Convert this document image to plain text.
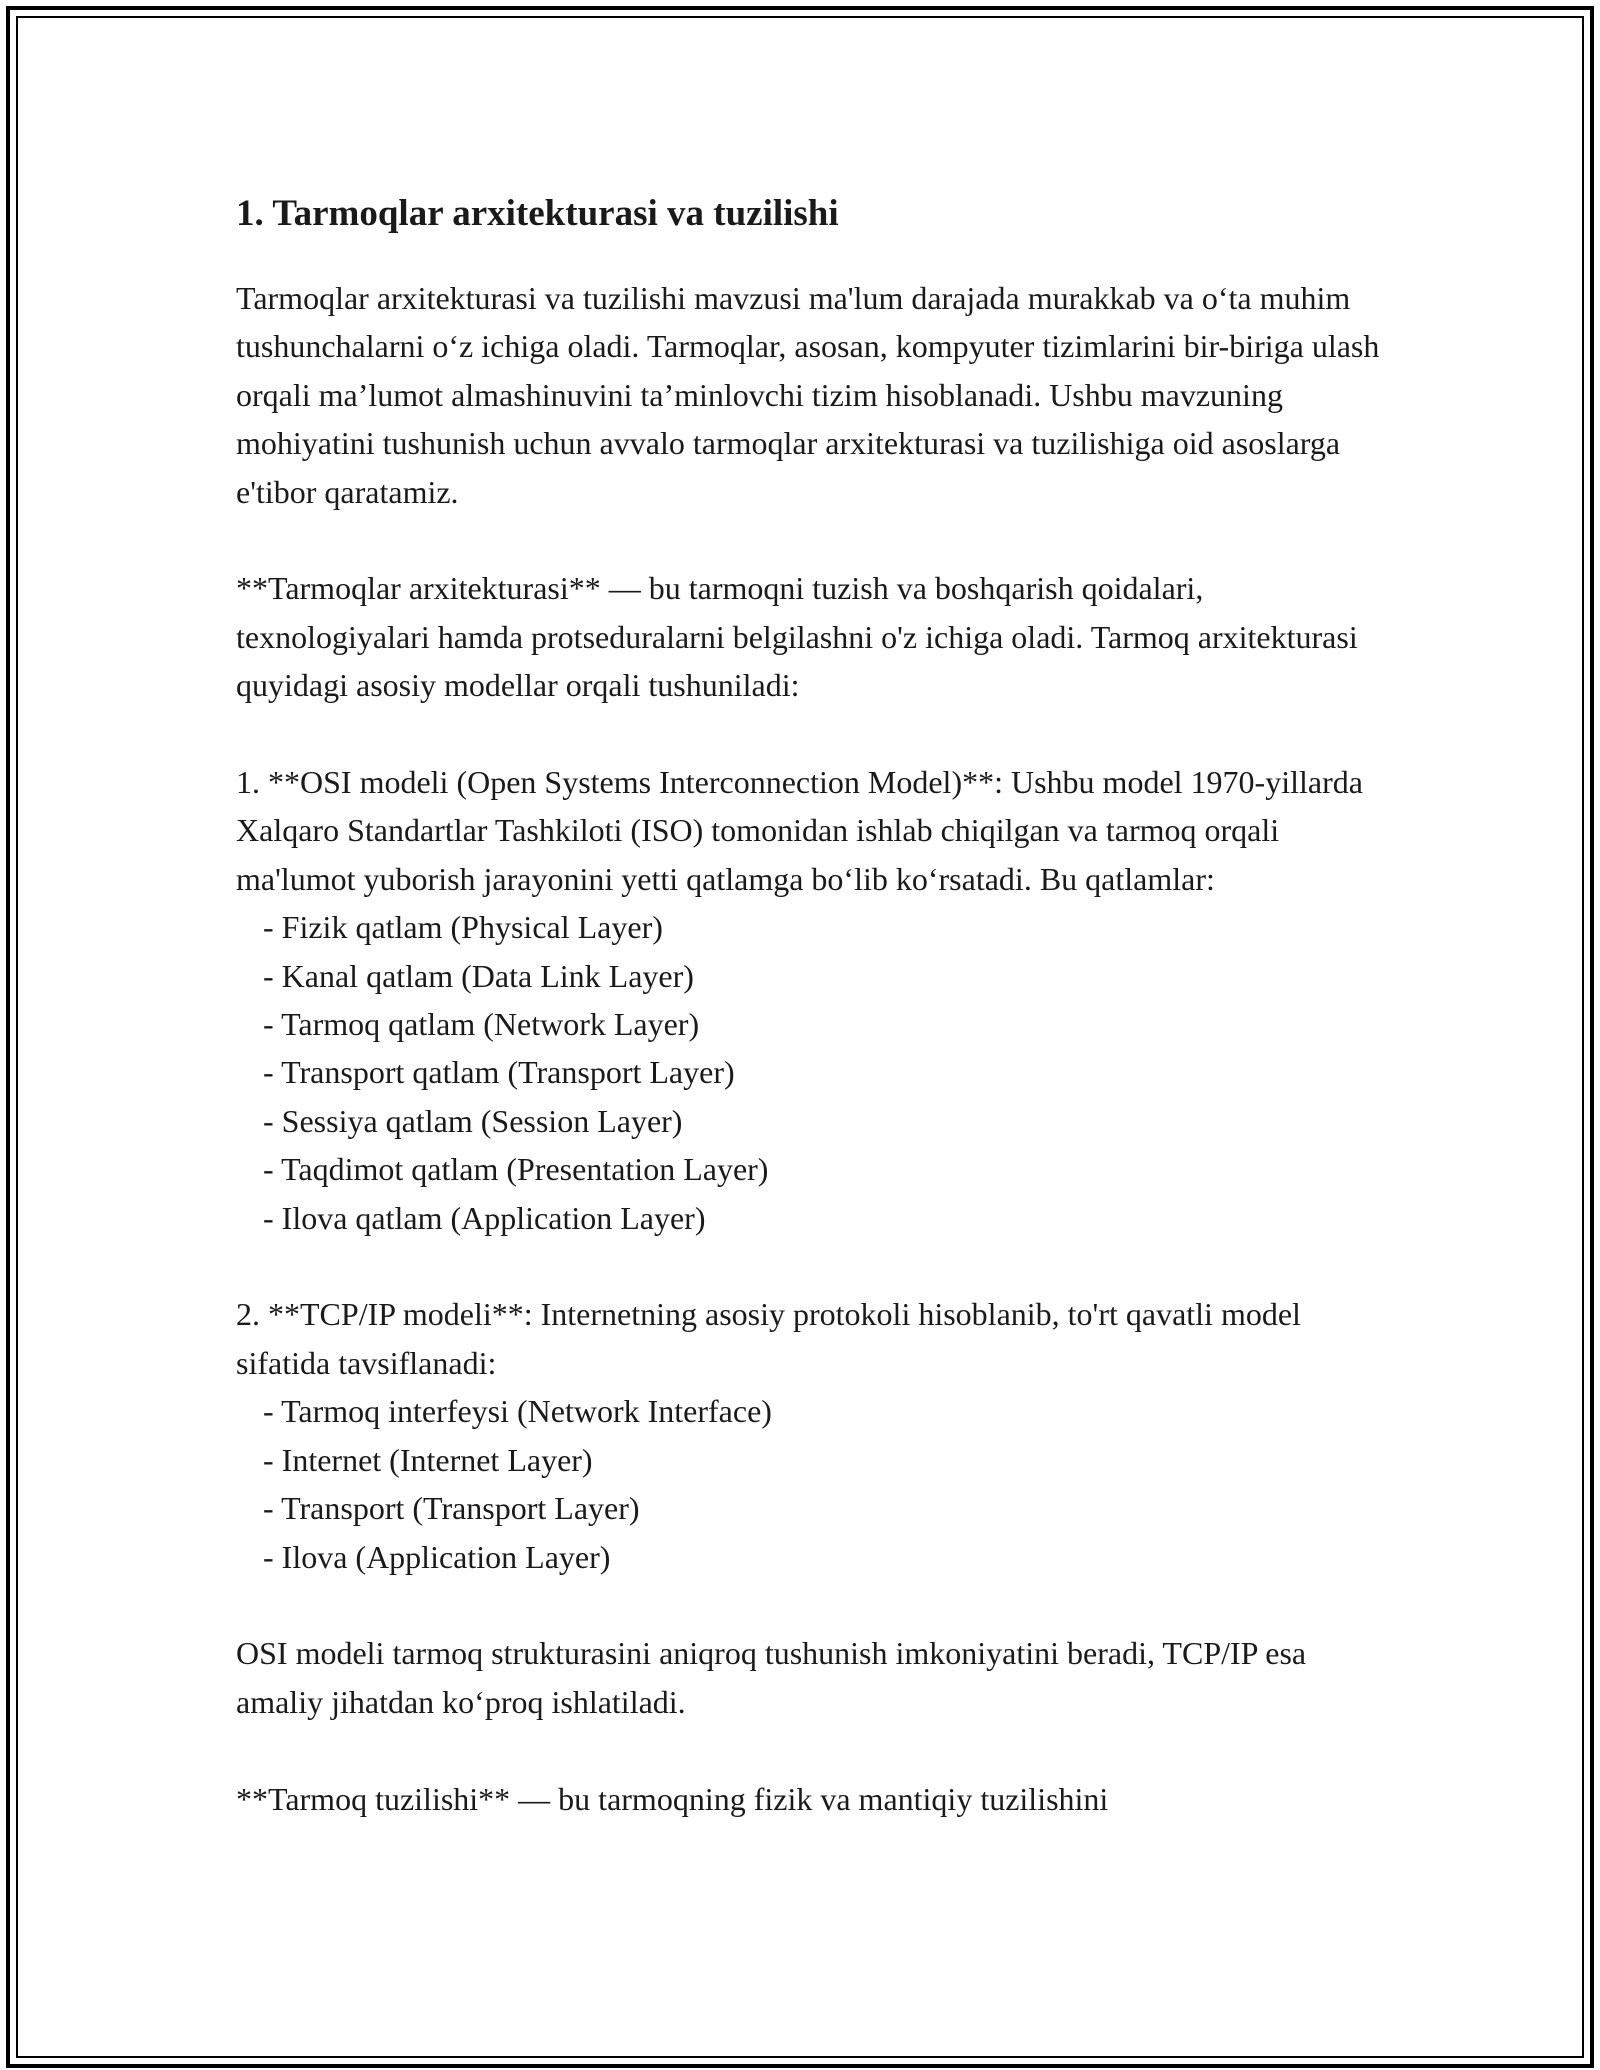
1. Tarmoqlar arxitekturasi va tuzilishi

Tarmoqlar arxitekturasi va tuzilishi mavzusi ma'lum darajada murakkab va o‘ta muhim tushunchalarni o‘z ichiga oladi. Tarmoqlar, asosan, kompyuter tizimlarini bir-biriga ulash orqali ma’lumot almashinuvini ta’minlovchi tizim hisoblanadi. Ushbu mavzuning mohiyatini tushunish uchun avvalo tarmoqlar arxitekturasi va tuzilishiga oid asoslarga e'tibor qaratamiz.

**Tarmoqlar arxitekturasi** — bu tarmoqni tuzish va boshqarish qoidalari, texnologiyalari hamda protseduralarni belgilashni o'z ichiga oladi. Tarmoq arxitekturasi quyidagi asosiy modellar orqali tushuniladi:

1. **OSI modeli (Open Systems Interconnection Model)**: Ushbu model 1970-yillarda Xalqaro Standartlar Tashkiloti (ISO) tomonidan ishlab chiqilgan va tarmoq orqali ma'lumot yuborish jarayonini yetti qatlamga bo‘lib ko‘rsatadi. Bu qatlamlar:

- Fizik qatlam (Physical Layer)
- Kanal qatlam (Data Link Layer)
- Tarmoq qatlam (Network Layer)
- Transport qatlam (Transport Layer)
- Sessiya qatlam (Session Layer)
- Taqdimot qatlam (Presentation Layer)
- Ilova qatlam (Application Layer)

2. **TCP/IP modeli**: Internetning asosiy protokoli hisoblanib, to'rt qavatli model sifatida tavsiflanadi:

- Tarmoq interfeysi (Network Interface)
- Internet (Internet Layer)
- Transport (Transport Layer)
- Ilova (Application Layer)

OSI modeli tarmoq strukturasini aniqroq tushunish imkoniyatini beradi, TCP/IP esa amaliy jihatdan ko‘proq ishlatiladi.

**Tarmoq tuzilishi** — bu tarmoqning fizik va mantiqiy tuzilishini
